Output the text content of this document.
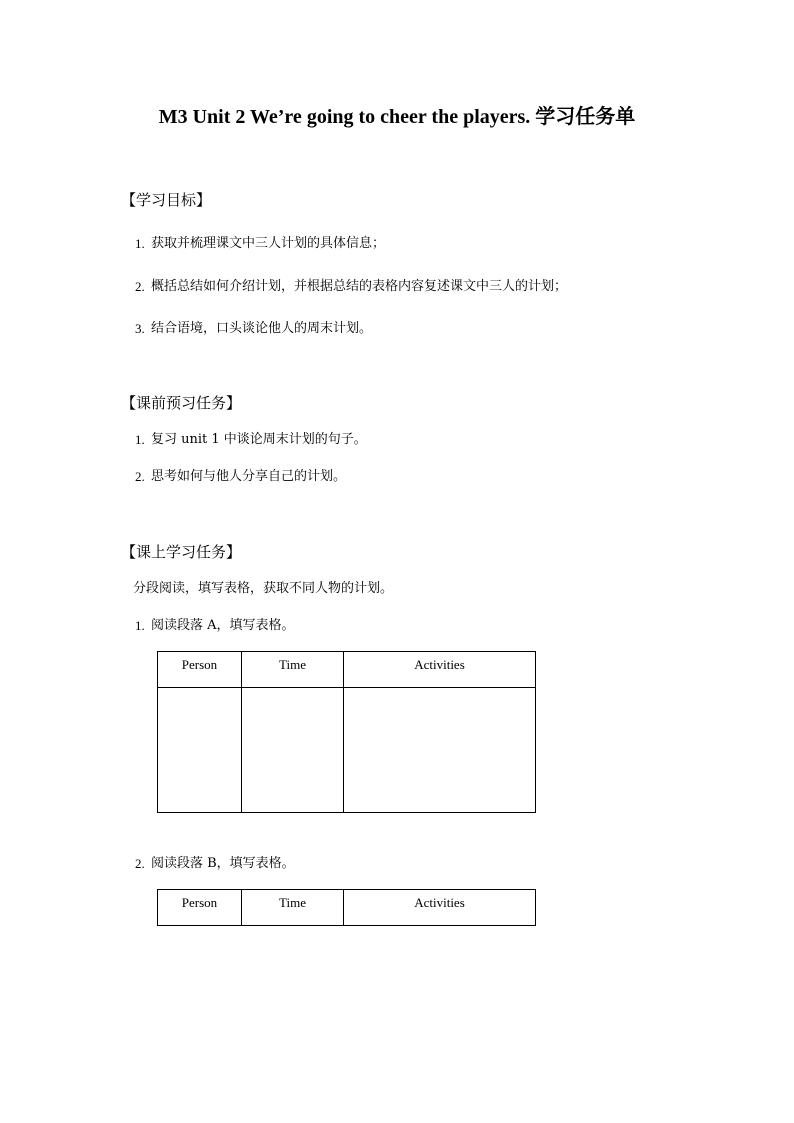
M3 Unit 2 We’re going to cheer the players. 学习任务单
【学习目标】
1. 获取并梳理课文中三人计划的具体信息；
2. 概括总结如何介绍计划，并根据总结的表格内容复述课文中三人的计划；
3. 结合语境，口头谈论他人的周末计划。
【课前预习任务】
1. 复习 unit 1 中谈论周末计划的句子。
2. 思考如何与他人分享自己的计划。
【课上学习任务】
分段阅读，填写表格，获取不同人物的计划。
1. 阅读段落 A，填写表格。
Person	Time	Activities

2. 阅读段落 B，填写表格。
Person	Time	Activities
